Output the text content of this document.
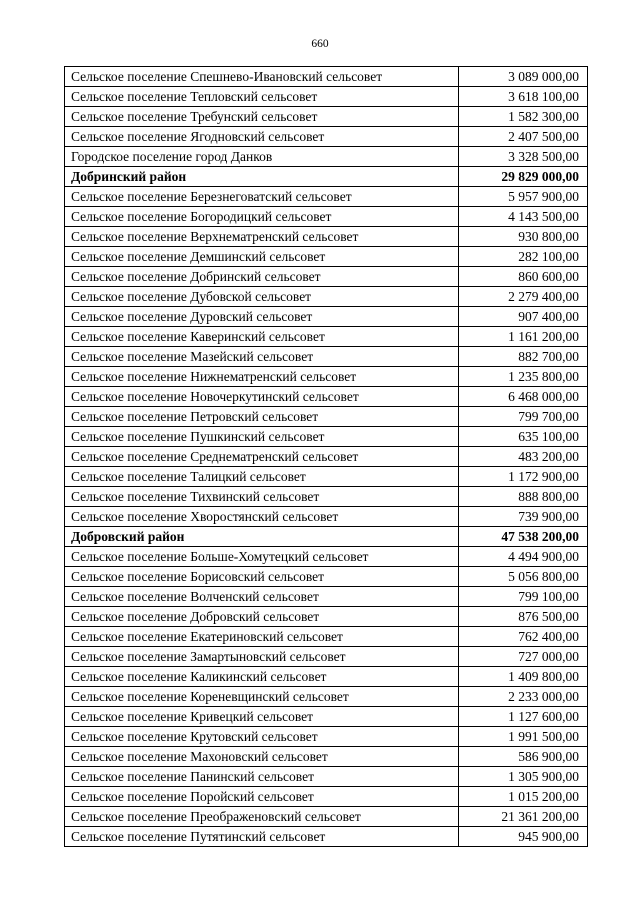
660
Сельское поселение Спешнево-Ивановский сельсовет	3 089 000,00
Сельское поселение Тепловский сельсовет	3 618 100,00
Сельское поселение Требунский сельсовет	1 582 300,00
Сельское поселение Ягодновский сельсовет	2 407 500,00
Городское поселение город Данков	3 328 500,00
Добринский район	29 829 000,00
Сельское поселение Березнеговатский сельсовет	5 957 900,00
Сельское поселение Богородицкий сельсовет	4 143 500,00
Сельское поселение Верхнематренский сельсовет	930 800,00
Сельское поселение Демшинский сельсовет	282 100,00
Сельское поселение Добринский сельсовет	860 600,00
Сельское поселение Дубовской сельсовет	2 279 400,00
Сельское поселение Дуровский сельсовет	907 400,00
Сельское поселение Каверинский сельсовет	1 161 200,00
Сельское поселение Мазейский сельсовет	882 700,00
Сельское поселение Нижнематренский сельсовет	1 235 800,00
Сельское поселение Новочеркутинский сельсовет	6 468 000,00
Сельское поселение Петровский сельсовет	799 700,00
Сельское поселение Пушкинский сельсовет	635 100,00
Сельское поселение Среднематренский сельсовет	483 200,00
Сельское поселение Талицкий сельсовет	1 172 900,00
Сельское поселение Тихвинский сельсовет	888 800,00
Сельское поселение Хворостянский сельсовет	739 900,00
Добровский район	47 538 200,00
Сельское поселение Больше-Хомутецкий сельсовет	4 494 900,00
Сельское поселение Борисовский сельсовет	5 056 800,00
Сельское поселение Волченский сельсовет	799 100,00
Сельское поселение Добровский сельсовет	876 500,00
Сельское поселение Екатериновский сельсовет	762 400,00
Сельское поселение Замартыновский сельсовет	727 000,00
Сельское поселение Каликинский сельсовет	1 409 800,00
Сельское поселение Кореневщинский сельсовет	2 233 000,00
Сельское поселение Кривецкий сельсовет	1 127 600,00
Сельское поселение Крутовский сельсовет	1 991 500,00
Сельское поселение Махоновский сельсовет	586 900,00
Сельское поселение Панинский сельсовет	1 305 900,00
Сельское поселение Поройский сельсовет	1 015 200,00
Сельское поселение Преображеновский сельсовет	21 361 200,00
Сельское поселение Путятинский сельсовет	945 900,00
